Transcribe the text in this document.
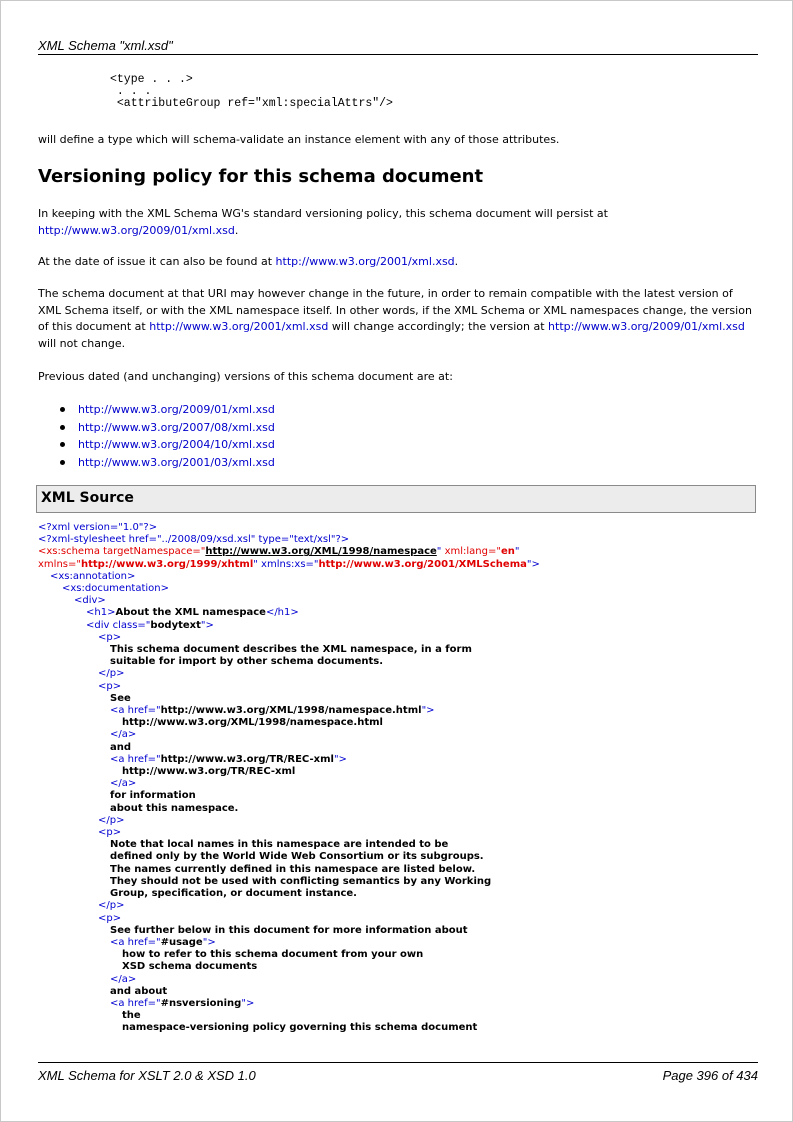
XML Schema "xml.xsd"
<type . . .>
. . .
<attributeGroup ref="xml:specialAttrs"/>
will define a type which will schema-validate an instance element with any of those attributes.
Versioning policy for this schema document
In keeping with the XML Schema WG's standard versioning policy, this schema document will persist at
http://www.w3.org/2009/01/xml.xsd.
At the date of issue it can also be found at http://www.w3.org/2001/xml.xsd.
The schema document at that URI may however change in the future, in order to remain compatible with the latest version of XML Schema itself, or with the XML namespace itself. In other words, if the XML Schema or XML namespaces change, the version of this document at http://www.w3.org/2001/xml.xsd will change accordingly; the version at http://www.w3.org/2009/01/xml.xsd will not change.
Previous dated (and unchanging) versions of this schema document are at:
http://www.w3.org/2009/01/xml.xsd
http://www.w3.org/2007/08/xml.xsd
http://www.w3.org/2004/10/xml.xsd
http://www.w3.org/2001/03/xml.xsd
XML Source
<?xml version="1.0"?>
<?xml-stylesheet href="../2008/09/xsd.xsl" type="text/xsl"?>
<xs:schema targetNamespace="http://www.w3.org/XML/1998/namespace" xml:lang="en"
xmlns="http://www.w3.org/1999/xhtml" xmlns:xs="http://www.w3.org/2001/XMLSchema">
<xs:annotation>
<xs:documentation>
<div>
<h1>About the XML namespace</h1>
<div class="bodytext">
<p>
This schema document describes the XML namespace, in a form
suitable for import by other schema documents.
</p>
<p>
See
<a href="http://www.w3.org/XML/1998/namespace.html">
http://www.w3.org/XML/1998/namespace.html
</a>
and
<a href="http://www.w3.org/TR/REC-xml">
http://www.w3.org/TR/REC-xml
</a>
for information
about this namespace.
</p>
<p>
Note that local names in this namespace are intended to be
defined only by the World Wide Web Consortium or its subgroups.
The names currently defined in this namespace are listed below.
They should not be used with conflicting semantics by any Working
Group, specification, or document instance.
</p>
<p>
See further below in this document for more information about
<a href="#usage">
how to refer to this schema document from your own
XSD schema documents
</a>
and about
<a href="#nsversioning">
the
namespace-versioning policy governing this schema document
XML Schema for XSLT 2.0 & XSD 1.0	Page 396 of 434
